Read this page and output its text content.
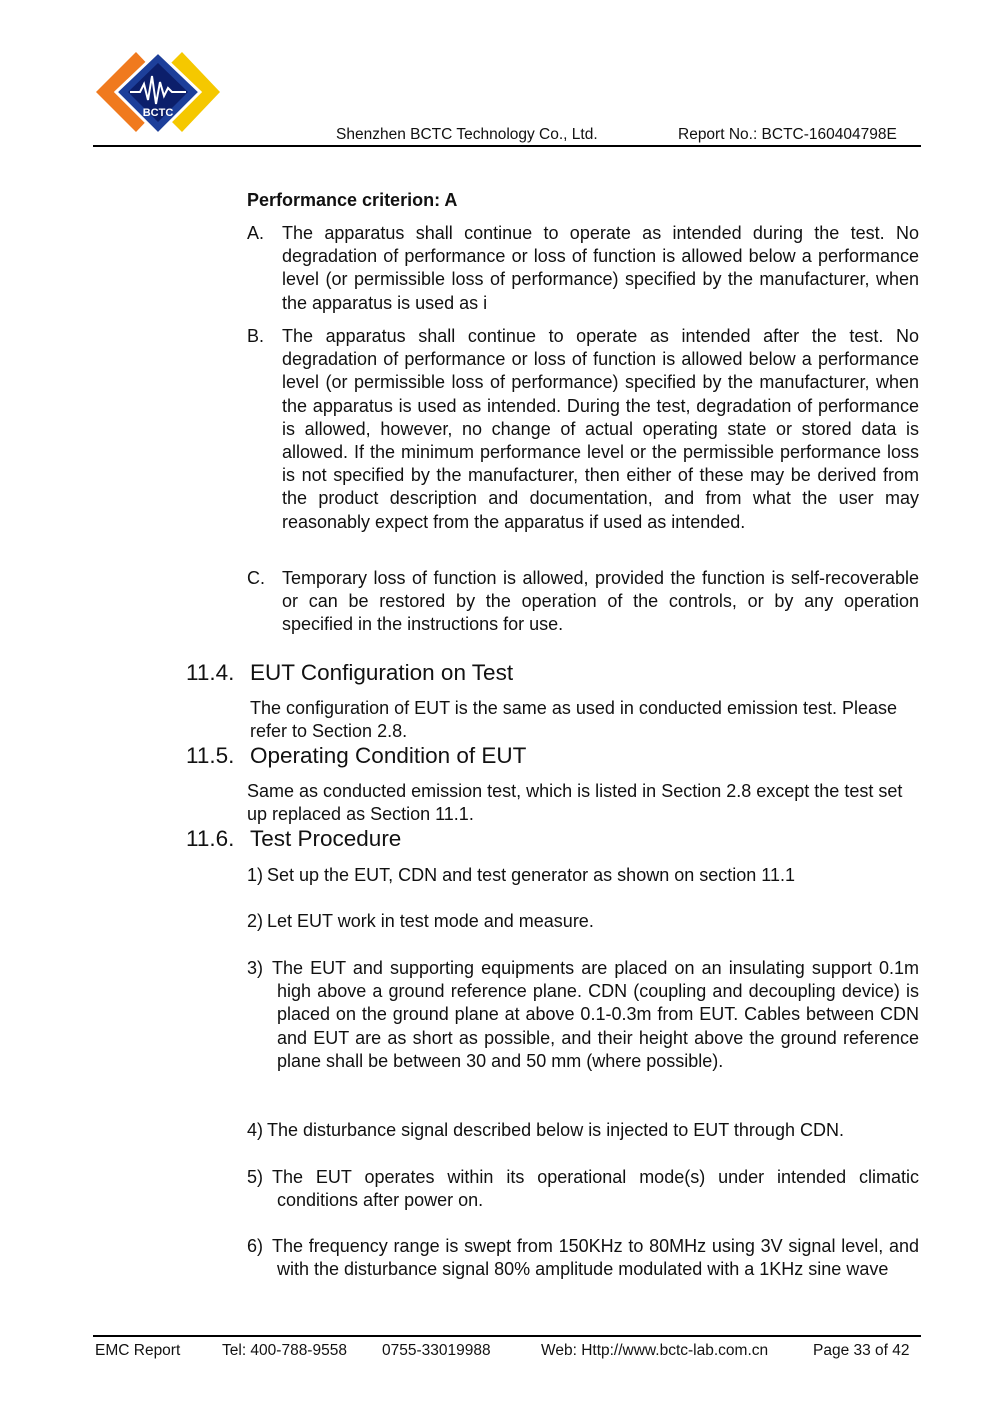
BCTC
Shenzhen BCTC Technology Co., Ltd.	Report No.: BCTC-160404798E
Performance criterion: A
A. The apparatus shall continue to operate as intended during the test. No degradation of performance or loss of function is allowed below a performance level (or permissible loss of performance) specified by the manufacturer, when the apparatus is used as i
B. The apparatus shall continue to operate as intended after the test. No degradation of performance or loss of function is allowed below a performance level (or permissible loss of performance) specified by the manufacturer, when the apparatus is used as intended. During the test, degradation of performance is allowed, however, no change of actual operating state or stored data is allowed. If the minimum performance level or the permissible performance loss is not specified by the manufacturer, then either of these may be derived from the product description and documentation, and from what the user may reasonably expect from the apparatus if used as intended.
C. Temporary loss of function is allowed, provided the function is self-recoverable or can be restored by the operation of the controls, or by any operation specified in the instructions for use.
11.4. EUT Configuration on Test
The configuration of EUT is the same as used in conducted emission test. Please refer to Section 2.8.
11.5. Operating Condition of EUT
Same as conducted emission test, which is listed in Section 2.8 except the test set up replaced as Section 11.1.
11.6. Test Procedure
1) Set up the EUT, CDN and test generator as shown on section 11.1
2) Let EUT work in test mode and measure.
3) The EUT and supporting equipments are placed on an insulating support 0.1m high above a ground reference plane. CDN (coupling and decoupling device) is placed on the ground plane at above 0.1-0.3m from EUT. Cables between CDN and EUT are as short as possible, and their height above the ground reference plane shall be between 30 and 50 mm (where possible).
4) The disturbance signal described below is injected to EUT through CDN.
5) The EUT operates within its operational mode(s) under intended climatic conditions after power on.
6) The frequency range is swept from 150KHz to 80MHz using 3V signal level, and with the disturbance signal 80% amplitude modulated with a 1KHz sine wave
EMC Report	Tel: 400-788-9558 0755-33019988	Web: Http://www.bctc-lab.com.cn	Page 33 of 42
